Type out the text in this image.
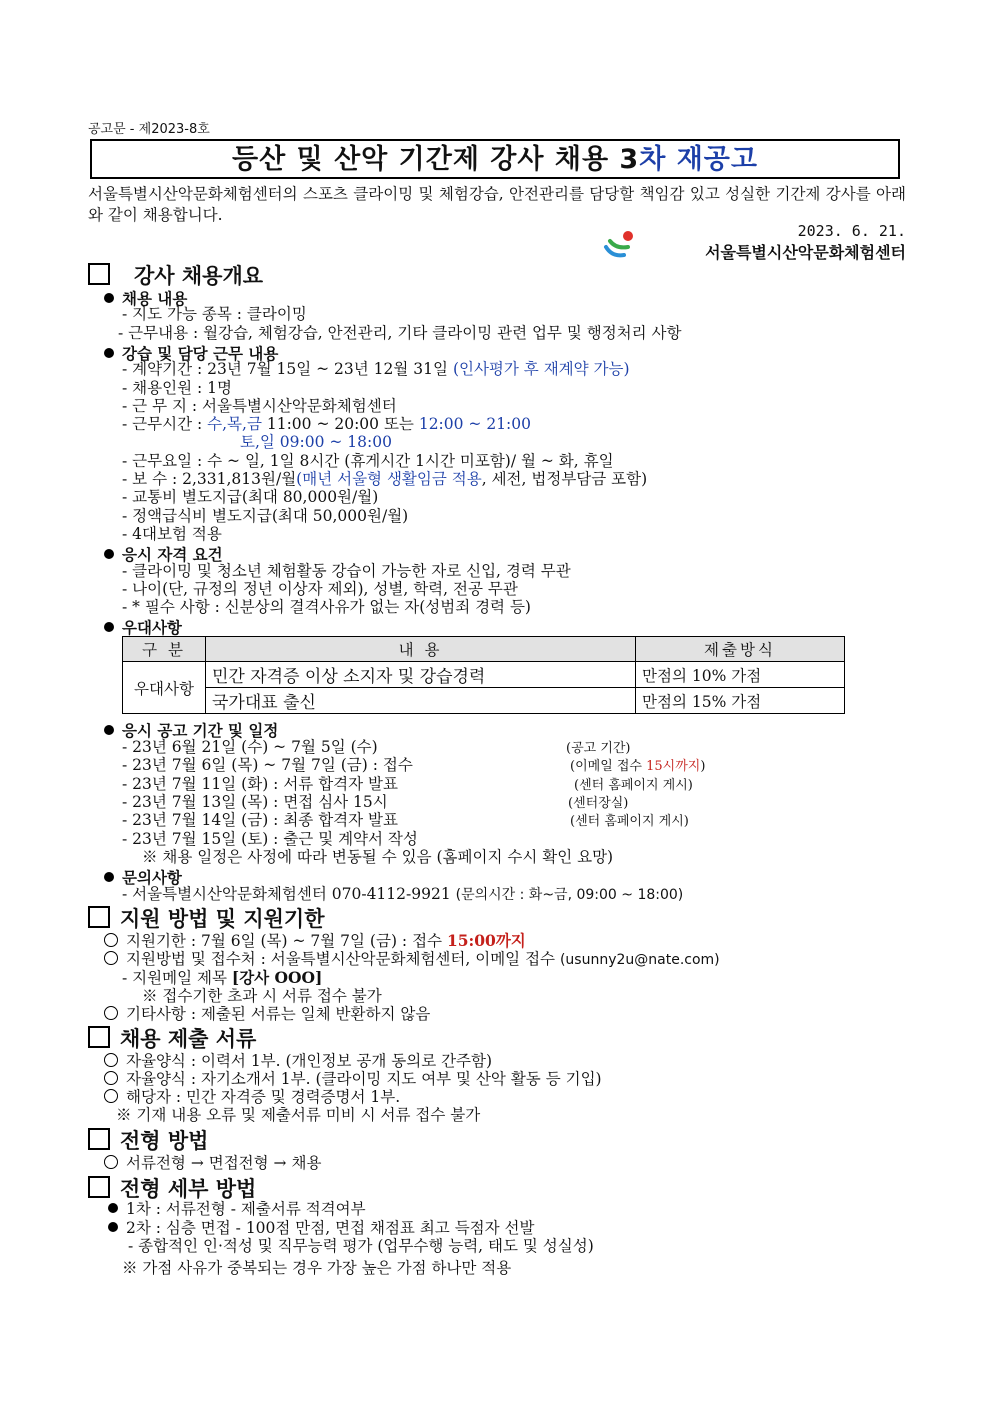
공고문 - 제2023-8호
등산 및 산악 기간제 강사 채용 3차 재공고
서울특별시산악문화체험센터의 스포츠 클라이밍 및 체험강습, 안전관리를 담당할 책임감 있고 성실한 기간제 강사를 아래와 같이 채용합니다.
2023. 6. 21.
서울특별시산악문화체험센터
강사 채용개요
채용 내용
- 지도 가능 종목 : 클라이밍
- 근무내용 : 월강습, 체험강습, 안전관리, 기타 클라이밍 관련 업무 및 행정처리 사항
강습 및 담당 근무 내용
- 계약기간 : 23년 7월 15일 ~ 23년 12월 31일 (인사평가 후 재계약 가능)
- 채용인원 : 1명
- 근 무 지 : 서울특별시산악문화체험센터
- 근무시간 : 수,목,금 11:00 ~ 20:00 또는 12:00 ~ 21:00
토,일 09:00 ~ 18:00
- 근무요일 : 수 ~ 일, 1일 8시간 (휴게시간 1시간 미포함)/ 월 ~ 화, 휴일
- 보 수 : 2,331,813원/월(매년 서울형 생활임금 적용, 세전, 법정부담금 포함)
- 교통비 별도지급(최대 80,000원/월)
- 정액급식비 별도지급(최대 50,000원/월)
- 4대보험 적용
응시 자격 요건
- 클라이밍 및 청소년 체험활동 강습이 가능한 자로 신입, 경력 무관
- 나이(단, 규정의 정년 이상자 제외), 성별, 학력, 전공 무관
- * 필수 사항 : 신분상의 결격사유가 없는 자(성범죄 경력 등)
우대사항
구 분	내 용	제출방식
우대사항	민간 자격증 이상 소지자 및 강습경력	만점의 10% 가점
	국가대표 출신	만점의 15% 가점
응시 공고 기간 및 일정
- 23년 6월 21일 (수) ~ 7월 5일 (수)	(공고 기간)
- 23년 7월 6일 (목) ~ 7월 7일 (금) : 접수	(이메일 접수 15시까지)
- 23년 7월 11일 (화) : 서류 합격자 발표	(센터 홈페이지 게시)
- 23년 7월 13일 (목) : 면접 심사 15시	(센터장실)
- 23년 7월 14일 (금) : 최종 합격자 발표	(센터 홈페이지 게시)
- 23년 7월 15일 (토) : 출근 및 계약서 작성
※ 채용 일정은 사정에 따라 변동될 수 있음 (홈페이지 수시 확인 요망)
문의사항
- 서울특별시산악문화체험센터 070-4112-9921 (문의시간 : 화~금, 09:00 ~ 18:00)
지원 방법 및 지원기한
지원기한 : 7월 6일 (목) ~ 7월 7일 (금) : 접수 15:00까지
지원방법 및 접수처 : 서울특별시산악문화체험센터, 이메일 접수 (usunny2u@nate.com)
- 지원메일 제목 [강사 OOO]
※ 접수기한 초과 시 서류 접수 불가
기타사항 : 제출된 서류는 일체 반환하지 않음
채용 제출 서류
자율양식 : 이력서 1부. (개인정보 공개 동의로 간주함)
자율양식 : 자기소개서 1부. (클라이밍 지도 여부 및 산악 활동 등 기입)
해당자 : 민간 자격증 및 경력증명서 1부.
※ 기재 내용 오류 및 제출서류 미비 시 서류 접수 불가
전형 방법
서류전형 → 면접전형 → 채용
전형 세부 방법
1차 : 서류전형 - 제출서류 적격여부
2차 : 심층 면접 - 100점 만점, 면접 채점표 최고 득점자 선발
- 종합적인 인·적성 및 직무능력 평가 (업무수행 능력, 태도 및 성실성)
※ 가점 사유가 중복되는 경우 가장 높은 가점 하나만 적용
